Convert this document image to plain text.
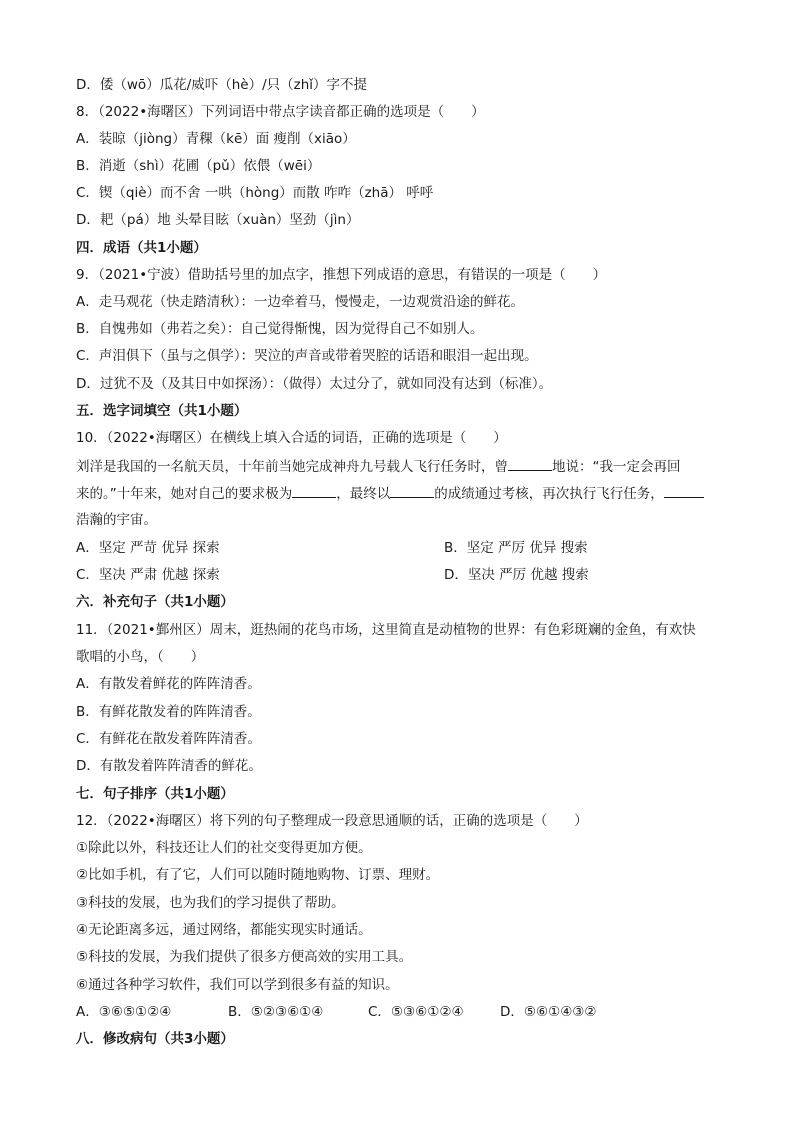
D．倭（wō）瓜花/威吓（hè）/只（zhǐ）字不提
8．（2022•海曙区）下列词语中带点字读音都正确的选项是（　　）
A．装晾（jiòng）青稞（kē）面 瘦削（xiāo）
B．消逝（shì）花圃（pǔ）依偎（wēi）
C．锲（qiè）而不舍 一哄（hòng）而散 咋咋（zhā） 呼呼
D．耙（pá）地 头晕目眩（xuàn）坚劲（jìn）
四．成语（共1小题）
9．（2021•宁波）借助括号里的加点字，推想下列成语的意思，有错误的一项是（　　）
A．走马观花（快走踏清秋）：一边牵着马，慢慢走，一边观赏沿途的鲜花。
B．自愧弗如（弗若之矣）：自己觉得惭愧，因为觉得自己不如别人。
C．声泪俱下（虽与之俱学）：哭泣的声音或带着哭腔的话语和眼泪一起出现。
D．过犹不及（及其日中如探汤）：（做得）太过分了，就如同没有达到（标准）。
五．选字词填空（共1小题）
10．（2022•海曙区）在横线上填入合适的词语，正确的选项是（　　）
刘洋是我国的一名航天员，十年前当她完成神舟九号载人飞行任务时，曾	地说：“我一定会再回
来的。”十年来，她对自己的要求极为	，最终以	的成绩通过考核，再次执行飞行任务，
浩瀚的宇宙。
A．坚定 严苛 优异 探索	B．坚定 严厉 优异 搜索
C．坚决 严肃 优越 探索	D．坚决 严厉 优越 搜索
六．补充句子（共1小题）
11．（2021•鄞州区）周末，逛热闹的花鸟市场，这里简直是动植物的世界：有色彩斑斓的金鱼，有欢快
歌唱的小鸟，（　　）
A．有散发着鲜花的阵阵清香。
B．有鲜花散发着的阵阵清香。
C．有鲜花在散发着阵阵清香。
D．有散发着阵阵清香的鲜花。
七．句子排序（共1小题）
12．（2022•海曙区）将下列的句子整理成一段意思通顺的话，正确的选项是（　　）
①除此以外，科技还让人们的社交变得更加方便。
②比如手机，有了它，人们可以随时随地购物、订票、理财。
③科技的发展，也为我们的学习提供了帮助。
④无论距离多远，通过网络，都能实现实时通话。
⑤科技的发展，为我们提供了很多方便高效的实用工具。
⑥通过各种学习软件，我们可以学到很多有益的知识。
A．③⑥⑤①②④	B．⑤②③⑥①④	C．⑤③⑥①②④	D．⑤⑥①④③②
八．修改病句（共3小题）
